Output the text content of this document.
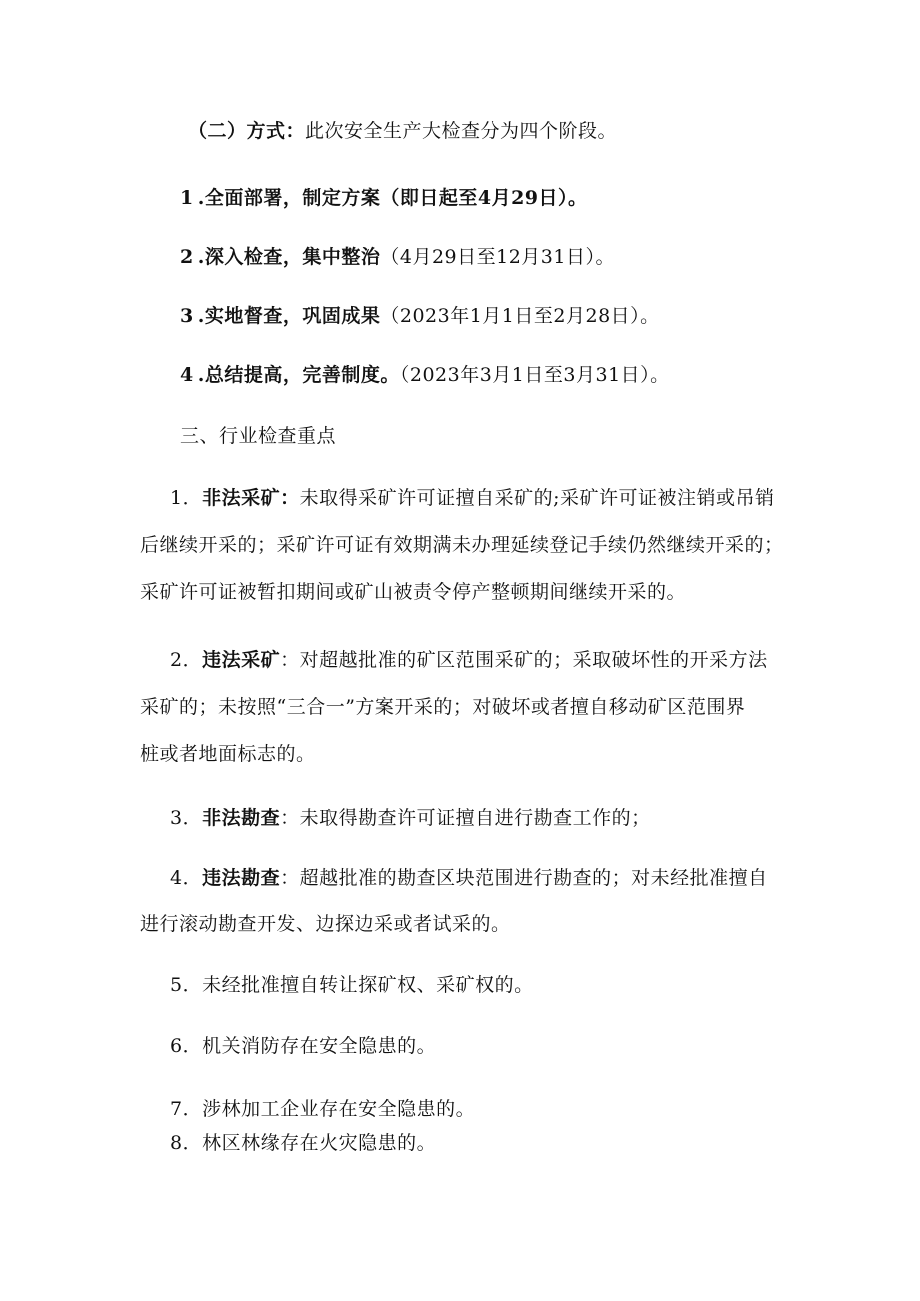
（二）方式：此次安全生产大检查分为四个阶段。
1 .全面部署，制定方案（即日起至4月29日）。
2 .深入检查，集中整治（4月29日至12月31日）。
3 .实地督查，巩固成果（2023年1月1日至2月28日）。
4 .总结提高，完善制度。（2023年3月1日至3月31日）。
三、行业检查重点
1．非法采矿：未取得采矿许可证擅自采矿的;采矿许可证被注销或吊销
后继续开采的；采矿许可证有效期满未办理延续登记手续仍然继续开采的；
采矿许可证被暂扣期间或矿山被责令停产整顿期间继续开采的。
2．违法采矿：对超越批准的矿区范围采矿的；采取破坏性的开采方法
采矿的；未按照“三合一”方案开采的；对破坏或者擅自移动矿区范围界
桩或者地面标志的。
3．非法勘查：未取得勘查许可证擅自进行勘查工作的；
4．违法勘查：超越批准的勘查区块范围进行勘查的；对未经批准擅自
进行滚动勘查开发、边探边采或者试采的。
5．未经批准擅自转让探矿权、采矿权的。
6．机关消防存在安全隐患的。
7．涉林加工企业存在安全隐患的。
8．林区林缘存在火灾隐患的。
